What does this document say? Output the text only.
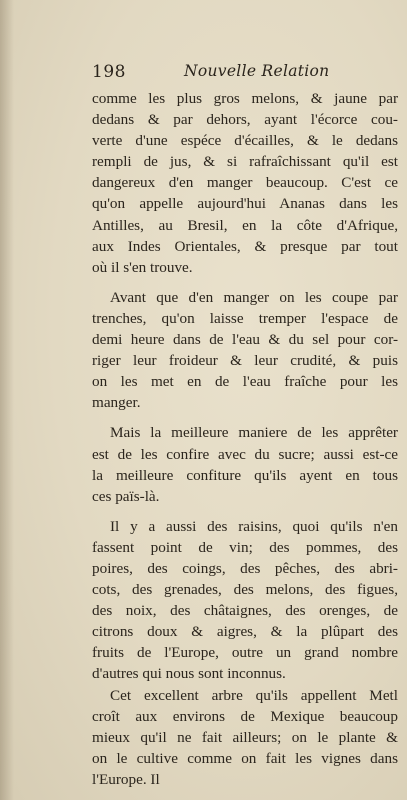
198	Nouvelle Relation
comme les plus gros melons, & jaune par
dedans & par dehors, ayant l'écorce cou-
verte d'une espéce d'écailles, & le dedans
rempli de jus, & si rafraîchissant qu'il est
dangereux d'en manger beaucoup. C'est ce
qu'on appelle aujourd'hui Ananas dans les
Antilles, au Bresil, en la côte d'Afrique,
aux Indes Orientales, & presque par tout
où il s'en trouve.
Avant que d'en manger on les coupe par
trenches, qu'on laisse tremper l'espace de
demi heure dans de l'eau & du sel pour cor-
riger leur froideur & leur crudité, & puis
on les met en de l'eau fraîche pour les
manger.
Mais la meilleure maniere de les apprêter
est de les confire avec du sucre; aussi est-ce
la meilleure confiture qu'ils ayent en tous
ces païs-là.
Il y a aussi des raisins, quoi qu'ils n'en
fassent point de vin; des pommes, des
poires, des coings, des pêches, des abri-
cots, des grenades, des melons, des figues,
des noix, des châtaignes, des orenges, de
citrons doux & aigres, & la plûpart des
fruits de l'Europe, outre un grand nombre
d'autres qui nous sont inconnus.
Cet excellent arbre qu'ils appellent Metl
croît aux environs de Mexique beaucoup
mieux qu'il ne fait ailleurs; on le plante &
on le cultive comme on fait les vignes dans
l'Europe. Il
